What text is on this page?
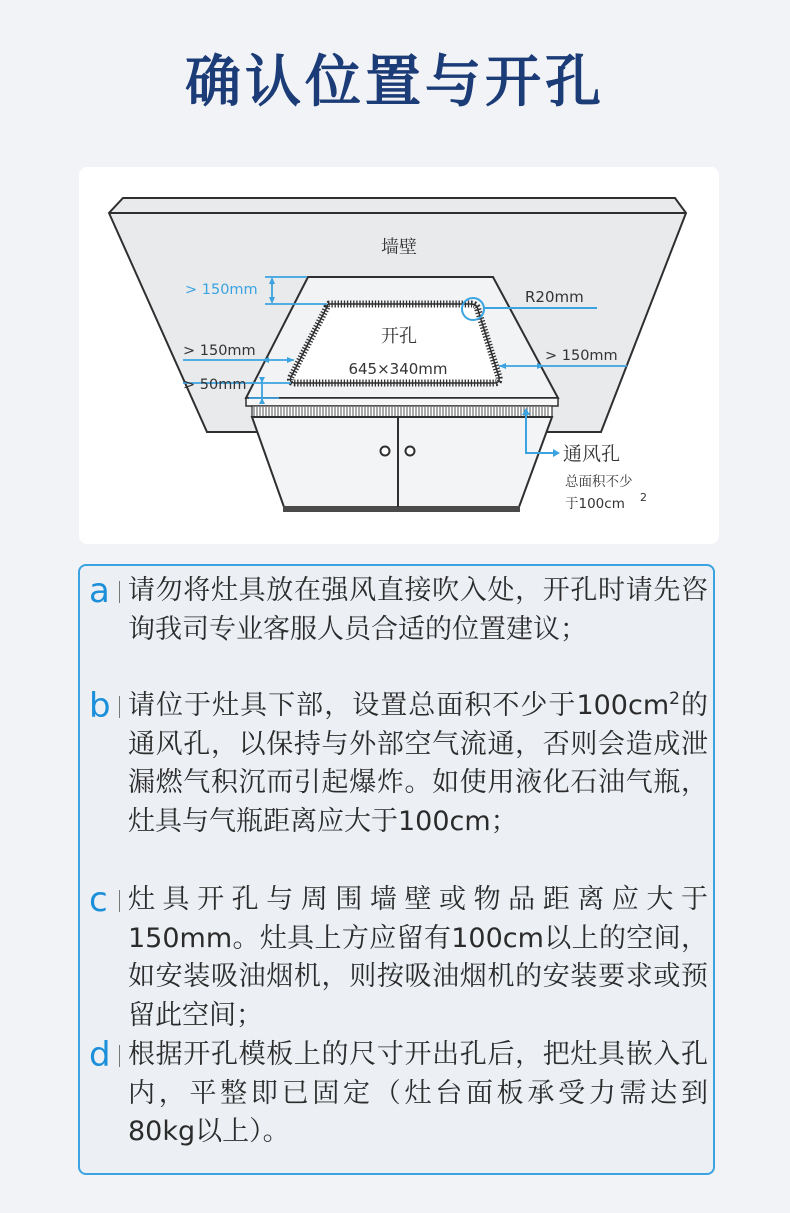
确认位置与开孔
墙壁
开孔
645×340mm
R20mm
> 150mm
> 150mm	> 150mm
> 50mm
通风孔
总面积不少
于100cm 2
a 请勿将灶具放在强风直接吹入处，开孔时请先咨询我司专业客服人员合适的位置建议；
b 请位于灶具下部，设置总面积不少于$100cm^2$的通风孔，以保持与外部空气流通，否则会造成泄漏燃气积沉而引起爆炸。如使用液化石油气瓶，灶具与气瓶距离应大于100cm；
c 灶具开孔与周围墙壁或物品距离应大于150mm。灶具上方应留有100cm以上的空间，如安装吸油烟机，则按吸油烟机的安装要求或预留此空间；
d 根据开孔模板上的尺寸开出孔后，把灶具嵌入孔内，平整即已固定（灶台面板承受力需达到80kg以上）。
